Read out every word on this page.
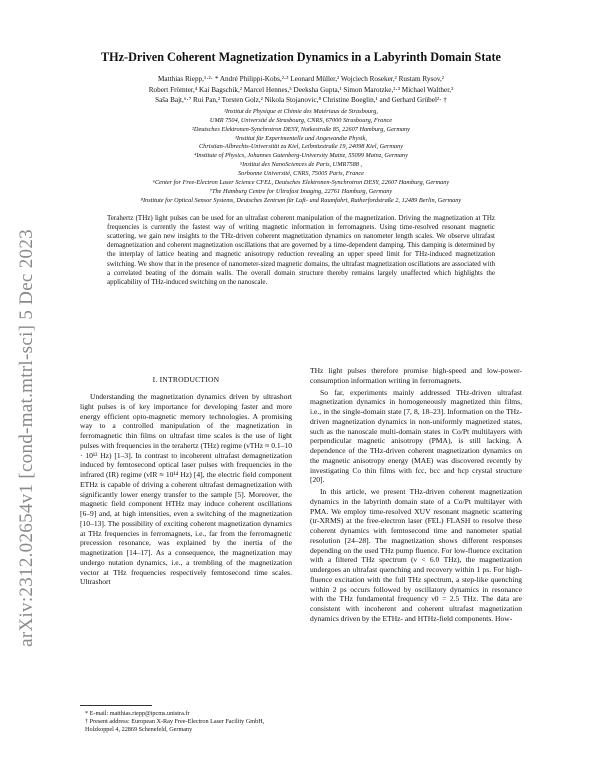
arXiv:2312.02654v1 [cond-mat.mtrl-sci] 5 Dec 2023
THz-Driven Coherent Magnetization Dynamics in a Labyrinth Domain State
Matthias Riepp,¹·²· * André Philippi-Kobs,²·³ Leonard Müller,² Wojciech Roseker,² Rustam Rysov,²
Robert Frömter,⁴ Kai Bagschik,² Marcel Hennes,⁵ Deeksha Gupta,¹ Simon Marotzke,²·³ Michael Walther,²
Saša Bajt,⁶·⁷ Rui Pan,² Torsten Golz,² Nikola Stojanovic,⁸ Christine Boeglin,¹ and Gerhard Grübel²· †
¹Institut de Physique et Chimie des Matériaux de Strasbourg,
UMR 7504, Université de Strasbourg, CNRS, 67000 Strasbourg, France
²Deutsches Elektronen-Synchrotron DESY, Notkestraße 85, 22607 Hamburg, Germany
³Institut für Experimentelle und Angewandte Physik,
Christian-Albrechts-Universität zu Kiel, Leibnitzstraße 19, 24098 Kiel, Germany
⁴Institute of Physics, Johannes Gutenberg-University Mainz, 55099 Mainz, Germany
⁵Institut des NanoSciences de Paris, UMR7588 ,
Sorbonne Université, CNRS, 75005 Paris, France
⁶Center for Free-Electron Laser Science CFEL, Deutsches Elektronen-Synchrotron DESY, 22607 Hamburg, Germany
⁷The Hamburg Centre for Ultrafast Imaging, 22761 Hamburg, Germany
⁸Institute for Optical Sensor Systems, Deutsches Zentrum für Luft- und Raumfahrt, Rutherfordstraße 2, 12489 Berlin, Germany
Terahertz (THz) light pulses can be used for an ultrafast coherent manipulation of the magnetization. Driving the magnetization at THz frequencies is currently the fastest way of writing magnetic information in ferromagnets. Using time-resolved resonant magnetic scattering, we gain new insights to the THz-driven coherent magnetization dynamics on nanometer length scales. We observe ultrafast demagnetization and coherent magnetization oscillations that are governed by a time-dependent damping. This damping is determined by the interplay of lattice heating and magnetic anisotropy reduction revealing an upper speed limit for THz-induced magnetization switching. We show that in the presence of nanometer-sized magnetic domains, the ultrafast magnetization oscillations are associated with a correlated beating of the domain walls. The overall domain structure thereby remains largely unaffected which highlights the applicability of THz-induced switching on the nanoscale.
I. INTRODUCTION

Understanding the magnetization dynamics driven by ultrashort light pulses is of key importance for developing faster and more energy efficient opto-magnetic memory technologies. A promising way to a controlled manipulation of the magnetization in ferromagnetic thin films on ultrafast time scales is the use of light pulses with frequencies in the terahertz (THz) regime (νTHz ≈ 0.1–10 · 10¹² Hz) [1–3]. In contrast to incoherent ultrafast demagnetization induced by femtosecond optical laser pulses with frequencies in the infrared (IR) regime (νIR ≈ 10¹⁴ Hz) [4], the electric field component ETHz is capable of driving a coherent ultrafast demagnetization with significantly lower energy transfer to the sample [5]. Moreover, the magnetic field component HTHz may induce coherent oscillations [6–9] and, at high intensities, even a switching of the magnetization [10–13]. The possibility of exciting coherent magnetization dynamics at THz frequencies in ferromagnets, i.e., far from the ferromagnetic precession resonance, was explained by the inertia of the magnetization [14–17]. As a consequence, the magnetization may undergo nutation dynamics, i.e., a trembling of the magnetization vector at THz frequencies respectively femtosecond time scales. Ultrashort

THz light pulses therefore promise high-speed and low-power-consumption information writing in ferromagnets.

So far, experiments mainly addressed THz-driven ultrafast magnetization dynamics in homogeneously magnetized thin films, i.e., in the single-domain state [7, 8, 18–23]. Information on the THz-driven magnetization dynamics in non-uniformly magnetized states, such as the nanoscale multi-domain states in Co/Pt multilayers with perpendicular magnetic anisotropy (PMA), is still lacking. A dependence of the THz-driven coherent magnetization dynamics on the magnetic anisotropy energy (MAE) was discovered recently by investigating Co thin films with fcc, bcc and hcp crystal structure [20].

In this article, we present THz-driven coherent magnetization dynamics in the labyrinth domain state of a Co/Pt multilayer with PMA. We employ time-resolved XUV resonant magnetic scattering (tr-XRMS) at the free-electron laser (FEL) FLASH to resolve these coherent dynamics with femtosecond time and nanometer spatial resolution [24–28]. The magnetization shows different responses depending on the used THz pump fluence. For low-fluence excitation with a filtered THz spectrum (ν < 6.0 THz), the magnetization undergoes an ultrafast quenching and recovery within 1 ps. For high-fluence excitation with the full THz spectrum, a step-like quenching within 2 ps occurs followed by oscillatory dynamics in resonance with the THz fundamental frequency ν0 = 2.5 THz. The data are consistent with incoherent and coherent ultrafast magnetization dynamics driven by the ETHz- and HTHz-field components. How-

* E-mail: matthias.riepp@ipcms.unistra.fr
† Present address: European X-Ray Free-Electron Laser Facility GmbH, Holzkoppel 4, 22869 Schenefeld, Germany
